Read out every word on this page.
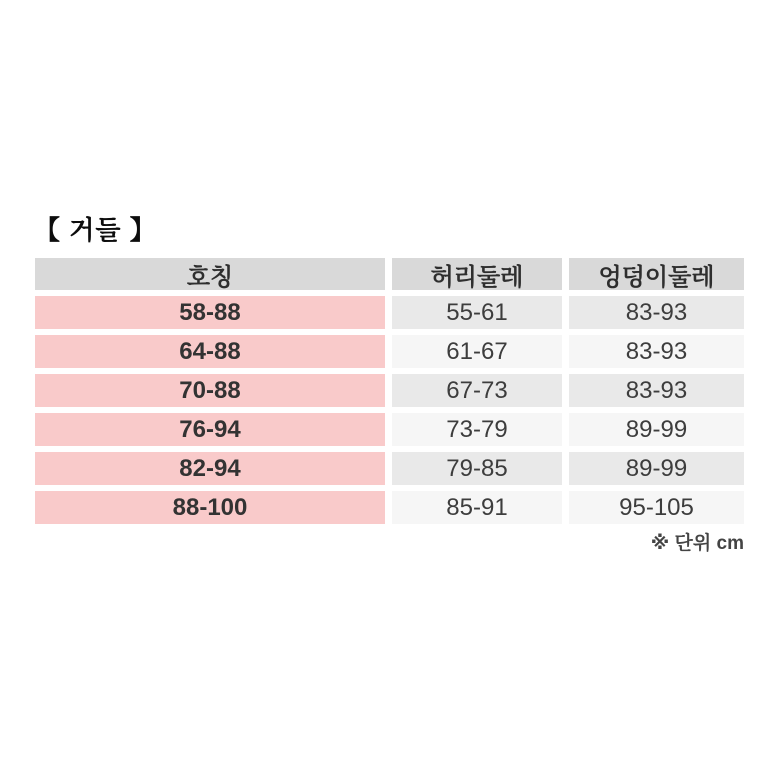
【 거들 】
호칭	허리둘레	엉덩이둘레
58-88	55-61	83-93
64-88	61-67	83-93
70-88	67-73	83-93
76-94	73-79	89-99
82-94	79-85	89-99
88-100	85-91	95-105
※ 단위 cm
